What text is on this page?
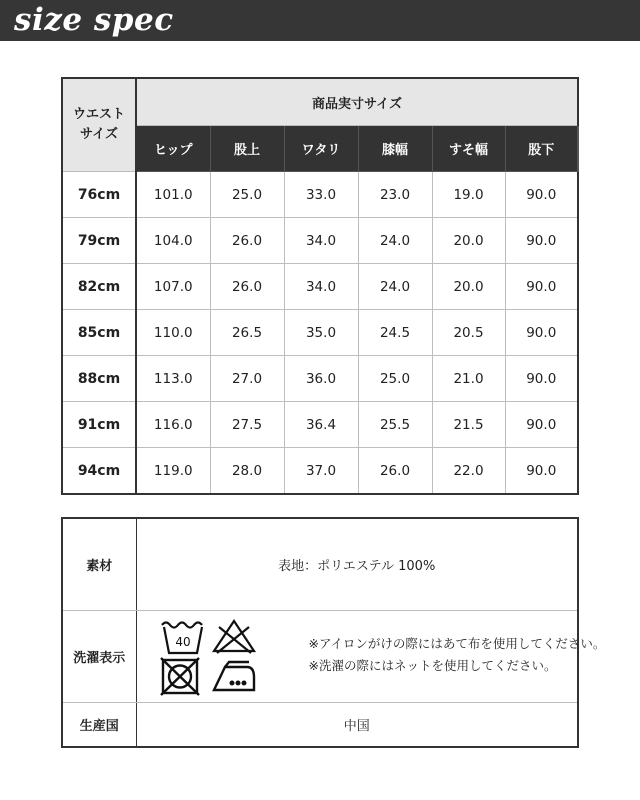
size spec
ウエスト
サイズ	商品実寸サイズ					
	ヒップ	股上	ワタリ	膝幅	すそ幅	股下
76cm	101.0	25.0	33.0	23.0	19.0	90.0
79cm	104.0	26.0	34.0	24.0	20.0	90.0
82cm	107.0	26.0	34.0	24.0	20.0	90.0
85cm	110.0	26.5	35.0	24.5	20.5	90.0
88cm	113.0	27.0	36.0	25.0	21.0	90.0
91cm	116.0	27.5	36.4	25.5	21.5	90.0
94cm	119.0	28.0	37.0	26.0	22.0	90.0
素材	表地：ポリエステル 100%
洗濯表示	40 ※アイロンがけの際にはあて布を使用してください。
※洗濯の際にはネットを使用してください。

生産国	中国
